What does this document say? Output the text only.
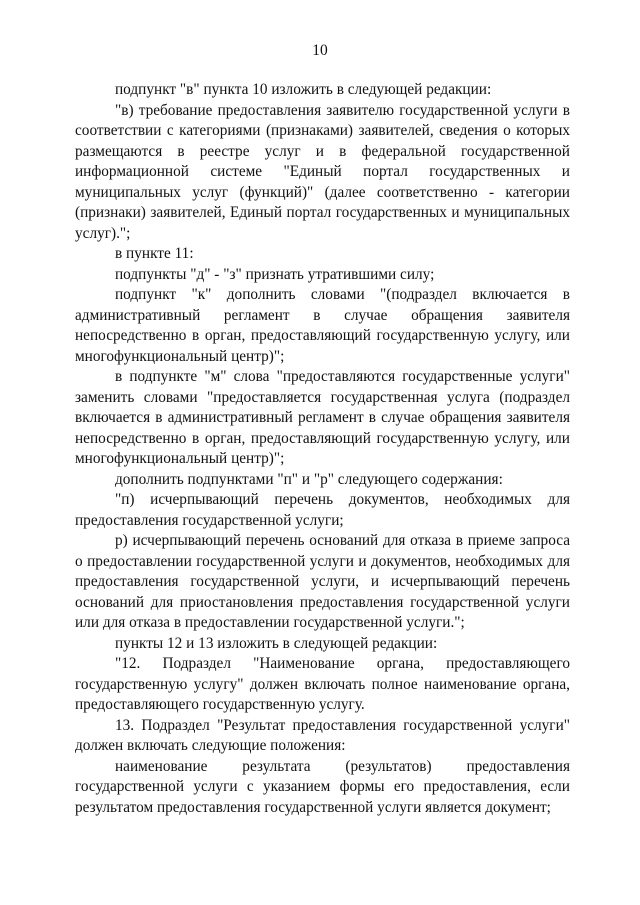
10

подпункт "в" пункта 10 изложить в следующей редакции:

"в) требование предоставления заявителю государственной услуги в соответствии с категориями (признаками) заявителей, сведения о которых размещаются в реестре услуг и в федеральной государственной информационной системе "Единый портал государственных и муниципальных услуг (функций)" (далее соответственно - категории (признаки) заявителей, Единый портал государственных и муниципальных услуг).";

в пункте 11:

подпункты "д" - "з" признать утратившими силу;

подпункт "к" дополнить словами "(подраздел включается в административный регламент в случае обращения заявителя непосредственно в орган, предоставляющий государственную услугу, или многофункциональный центр)";

в подпункте "м" слова "предоставляются государственные услуги" заменить словами "предоставляется государственная услуга (подраздел включается в административный регламент в случае обращения заявителя непосредственно в орган, предоставляющий государственную услугу, или многофункциональный центр)";

дополнить подпунктами "п" и "р" следующего содержания:

"п) исчерпывающий перечень документов, необходимых для предоставления государственной услуги;

р) исчерпывающий перечень оснований для отказа в приеме запроса о предоставлении государственной услуги и документов, необходимых для предоставления государственной услуги, и исчерпывающий перечень оснований для приостановления предоставления государственной услуги или для отказа в предоставлении государственной услуги.";

пункты 12 и 13 изложить в следующей редакции:

"12. Подраздел "Наименование органа, предоставляющего государственную услугу" должен включать полное наименование органа, предоставляющего государственную услугу.

13. Подраздел "Результат предоставления государственной услуги" должен включать следующие положения:

наименование результата (результатов) предоставления государственной услуги с указанием формы его предоставления, если результатом предоставления государственной услуги является документ;
